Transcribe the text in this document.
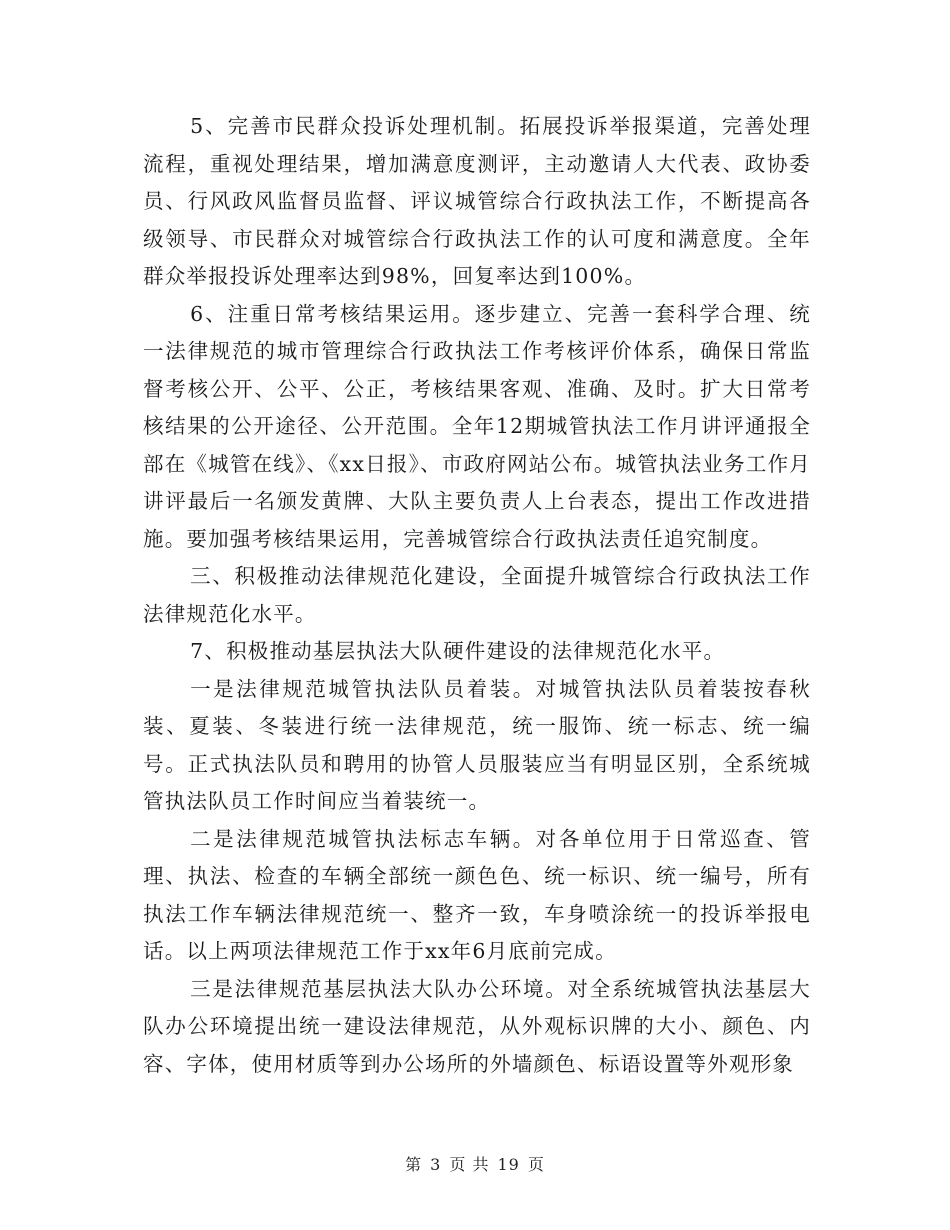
5、完善市民群众投诉处理机制。拓展投诉举报渠道，完善处理流程，重视处理结果，增加满意度测评，主动邀请人大代表、政协委员、行风政风监督员监督、评议城管综合行政执法工作，不断提高各级领导、市民群众对城管综合行政执法工作的认可度和满意度。全年群众举报投诉处理率达到98%，回复率达到100%。

6、注重日常考核结果运用。逐步建立、完善一套科学合理、统一法律规范的城市管理综合行政执法工作考核评价体系，确保日常监督考核公开、公平、公正，考核结果客观、准确、及时。扩大日常考核结果的公开途径、公开范围。全年12期城管执法工作月讲评通报全部在《城管在线》、《xx日报》、市政府网站公布。城管执法业务工作月讲评最后一名颁发黄牌、大队主要负责人上台表态，提出工作改进措施。要加强考核结果运用，完善城管综合行政执法责任追究制度。

三、积极推动法律规范化建设，全面提升城管综合行政执法工作法律规范化水平。

7、积极推动基层执法大队硬件建设的法律规范化水平。

一是法律规范城管执法队员着装。对城管执法队员着装按春秋装、夏装、冬装进行统一法律规范，统一服饰、统一标志、统一编号。正式执法队员和聘用的协管人员服装应当有明显区别，全系统城管执法队员工作时间应当着装统一。

二是法律规范城管执法标志车辆。对各单位用于日常巡查、管理、执法、检查的车辆全部统一颜色色、统一标识、统一编号，所有执法工作车辆法律规范统一、整齐一致，车身喷涂统一的投诉举报电话。以上两项法律规范工作于xx年6月底前完成。

三是法律规范基层执法大队办公环境。对全系统城管执法基层大队办公环境提出统一建设法律规范，从外观标识牌的大小、颜色、内容、字体，使用材质等到办公场所的外墙颜色、标语设置等外观形象

第 3 页 共 19 页
